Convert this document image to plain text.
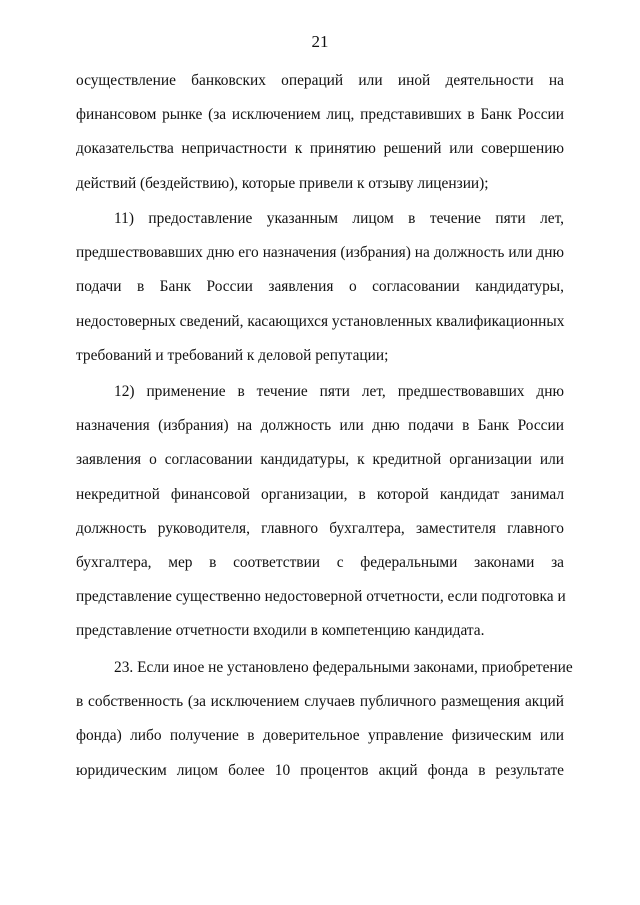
21
осуществление банковских операций или иной деятельности на
финансовом рынке (за исключением лиц, представивших в Банк России
доказательства непричастности к принятию решений или совершению
действий (бездействию), которые привели к отзыву лицензии);
11) предоставление указанным лицом в течение пяти лет,
предшествовавших дню его назначения (избрания) на должность или дню
подачи в Банк России заявления о согласовании кандидатуры,
недостоверных сведений, касающихся установленных квалификационных
требований и требований к деловой репутации;
12) применение в течение пяти лет, предшествовавших дню
назначения (избрания) на должность или дню подачи в Банк России
заявления о согласовании кандидатуры, к кредитной организации или
некредитной финансовой организации, в которой кандидат занимал
должность руководителя, главного бухгалтера, заместителя главного
бухгалтера, мер в соответствии с федеральными законами за
представление существенно недостоверной отчетности, если подготовка и
представление отчетности входили в компетенцию кандидата.
23. Если иное не установлено федеральными законами, приобретение
в собственность (за исключением случаев публичного размещения акций
фонда) либо получение в доверительное управление физическим или
юридическим лицом более 10 процентов акций фонда в результате
